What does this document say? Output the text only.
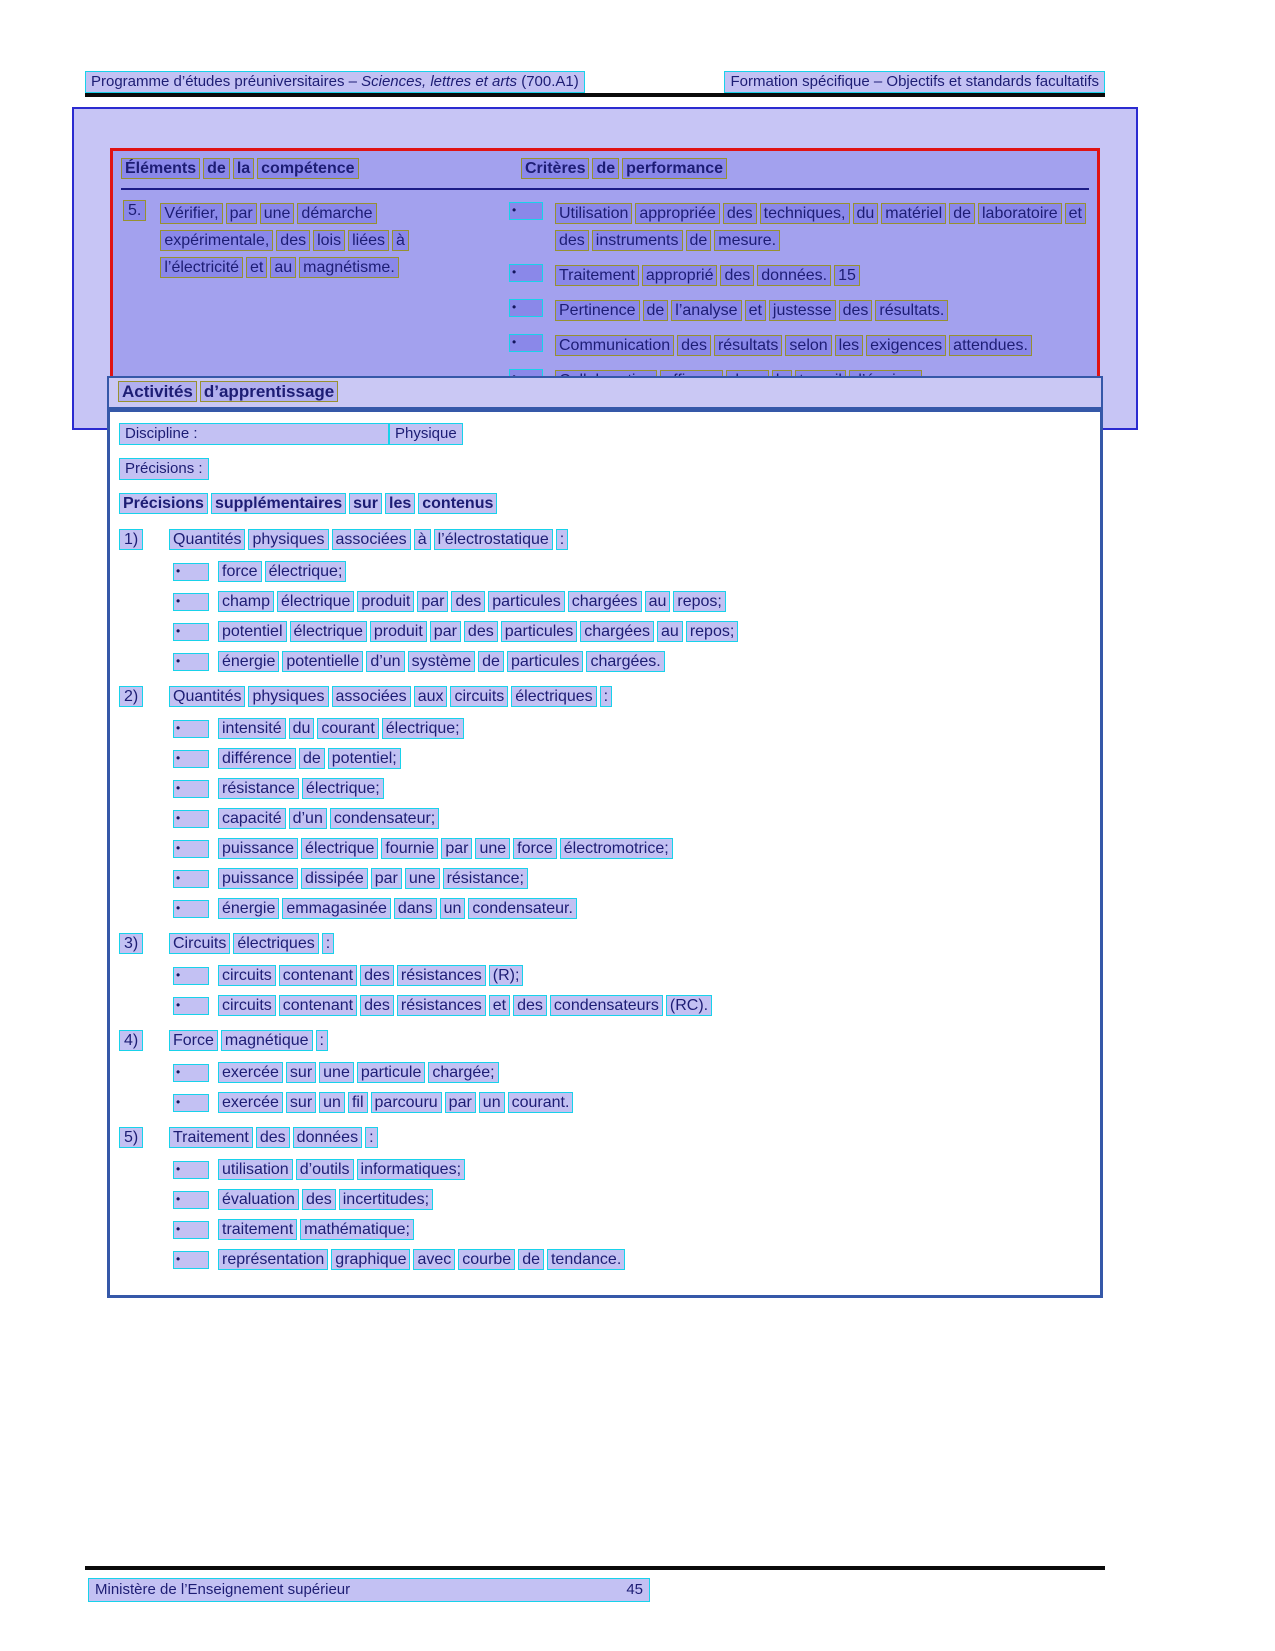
Programme d’études préuniversitaires – Sciences, lettres et arts (700.A1)	Formation spécifique – Objectifs et standards facultatifs
Éléments de la compétence	Critères de performance
5.	Vérifier, par une démarcheexpérimentale, des lois liées àl’électricité et au magnétisme.
•	Utilisation appropriée des techniques, du matériel de laboratoire etdes instruments de mesure.
•	Traitement approprié des données. 15
•	Pertinence de l’analyse et justesse des résultats.
•	Communication des résultats selon les exigences attendues.
Activités d’apprentissage
Discipline :	Physique
Précisions :
Précisions supplémentaires sur les contenus
1)	Quantités physiques associées à l’électrostatique :
•	force électrique;
•	champ électrique produit par des particules chargées au repos;
•	potentiel électrique produit par des particules chargées au repos;
•	énergie potentielle d’un système de particules chargées.
2)	Quantités physiques associées aux circuits électriques :
•	intensité du courant électrique;
•	différence de potentiel;
•	résistance électrique;
•	capacité d’un condensateur;
•	puissance électrique fournie par une force électromotrice;
•	puissance dissipée par une résistance;
•	énergie emmagasinée dans un condensateur.
3)	Circuits électriques :
•	circuits contenant des résistances (R);
•	circuits contenant des résistances et des condensateurs (RC).
4)	Force magnétique :
•	exercée sur une particule chargée;
•	exercée sur un fil parcouru par un courant.
5)	Traitement des données :
•	utilisation d’outils informatiques;
•	évaluation des incertitudes;
•	traitement mathématique;
•	représentation graphique avec courbe de tendance.
Ministère de l’Enseignement supérieur	45
